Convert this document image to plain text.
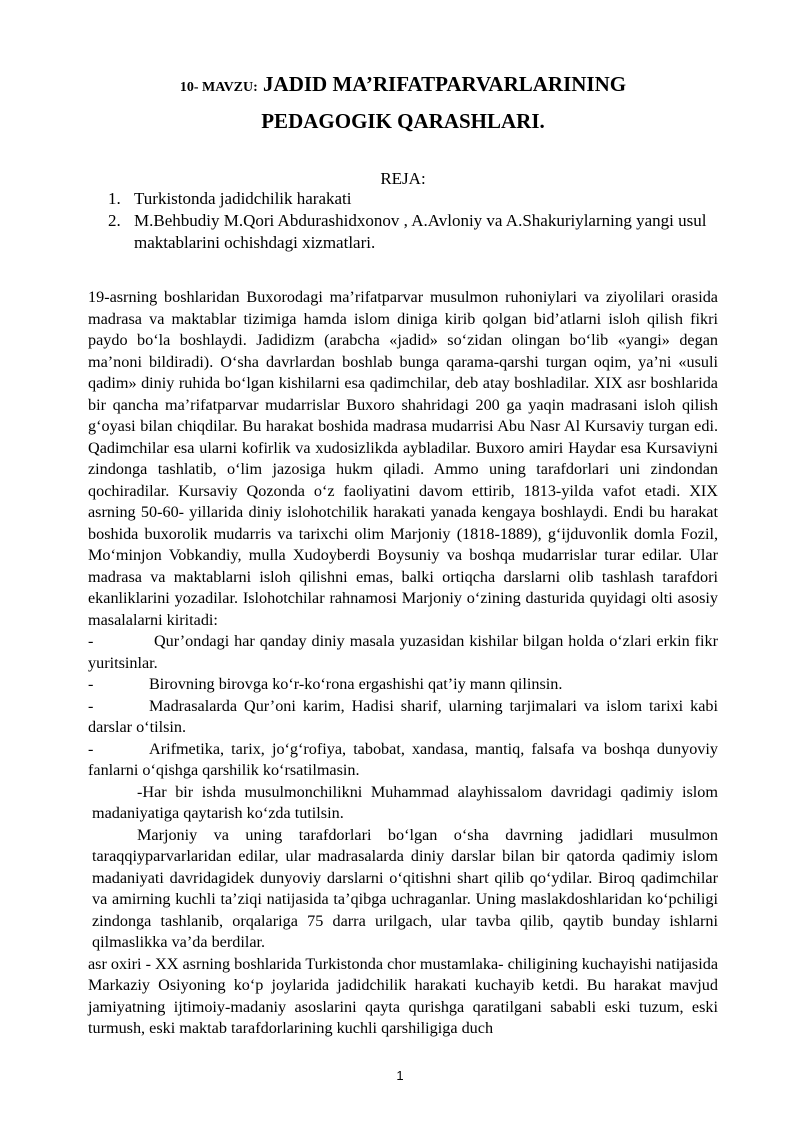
10- MAVZU: JADID MA’RIFATPARVARLARINING
PEDAGOGIK QARASHLARI.
REJA:
1. Turkistonda jadidchilik harakati
2. M.Behbudiy M.Qori Abdurashidxonov , A.Avloniy va A.Shakuriylarning yangi usul maktablarini ochishdagi xizmatlari.

19-asrning boshlaridan Buxorodagi ma’rifatparvar musulmon ruhoniylari va ziyolilari orasida madrasa va maktablar tizimiga hamda islom diniga kirib qolgan bid’atlarni isloh qilish fikri paydo bo‘la boshlaydi. Jadidizm (arabcha «jadid» so‘zidan olingan bo‘lib «yangi» degan ma’noni bildiradi). O‘sha davrlardan boshlab bunga qarama-qarshi turgan oqim, ya’ni «usuli qadim» diniy ruhida bo‘lgan kishilarni esa qadimchilar, deb atay boshladilar. XIX asr boshlarida bir qancha ma’rifatparvar mudarrislar Buxoro shahridagi 200 ga yaqin madrasani isloh qilish g‘oyasi bilan chiqdilar. Bu harakat boshida madrasa mudarrisi Abu Nasr Al Kursaviy turgan edi. Qadimchilar esa ularni kofirlik va xudosizlikda aybladilar. Buxoro amiri Haydar esa Kursaviyni zindonga tashlatib, o‘lim jazosiga hukm qiladi. Ammo uning tarafdorlari uni zindondan qochiradilar. Kursaviy Qozonda o‘z faoliyatini davom ettirib, 1813-yilda vafot etadi. XIX asrning 50-60- yillarida diniy islohotchilik harakati yanada kengaya boshlaydi. Endi bu harakat boshida buxorolik mudarris va tarixchi olim Marjoniy (1818-1889), g‘ijduvonlik domla Fozil, Mo‘minjon Vobkandiy, mulla Xudoyberdi Boysuniy va boshqa mudarrislar turar edilar. Ular madrasa va maktablarni isloh qilishni emas, balki ortiqcha darslarni olib tashlash tarafdori ekanliklarini yozadilar. Islohotchilar rahnamosi Marjoniy o‘zining dasturida quyidagi olti asosiy masalalarni kiritadi:

-	Qur’ondagi har qanday diniy masala yuzasidan kishilar bilgan holda o‘zlari erkin fikr yuritsinlar.

-	Birovning birovga ko‘r-ko‘rona ergashishi qat’iy mann qilinsin.

-	Madrasalarda Qur’oni karim, Hadisi sharif, ularning tarjimalari va islom tarixi kabi darslar o‘tilsin.

-	Arifmetika, tarix, jo‘g‘rofiya, tabobat, xandasa, mantiq, falsafa va boshqa dunyoviy fanlarni o‘qishga qarshilik ko‘rsatilmasin.

-Har bir ishda musulmonchilikni Muhammad alayhissalom davridagi qadimiy islom madaniyatiga qaytarish ko‘zda tutilsin.

Marjoniy va uning tarafdorlari bo‘lgan o‘sha davrning jadidlari musulmon taraqqiyparvarlaridan edilar, ular madrasalarda diniy darslar bilan bir qatorda qadimiy islom madaniyati davridagidek dunyoviy darslarni o‘qitishni shart qilib qo‘ydilar. Biroq qadimchilar va amirning kuchli ta’ziqi natijasida ta’qibga uchraganlar. Uning maslakdoshlaridan ko‘pchiligi zindonga tashlanib, orqalariga 75 darra urilgach, ular tavba qilib, qaytib bunday ishlarni qilmaslikka va’da berdilar.

asr oxiri - XX asrning boshlarida Turkistonda chor mustamlaka- chiligining kuchayishi natijasida Markaziy Osiyoning ko‘p joylarida jadidchilik harakati kuchayib ketdi. Bu harakat mavjud jamiyatning ijtimoiy-madaniy asoslarini qayta qurishga qaratilgani sababli eski tuzum, eski turmush, eski maktab tarafdorlarining kuchli qarshiligiga duch

1
